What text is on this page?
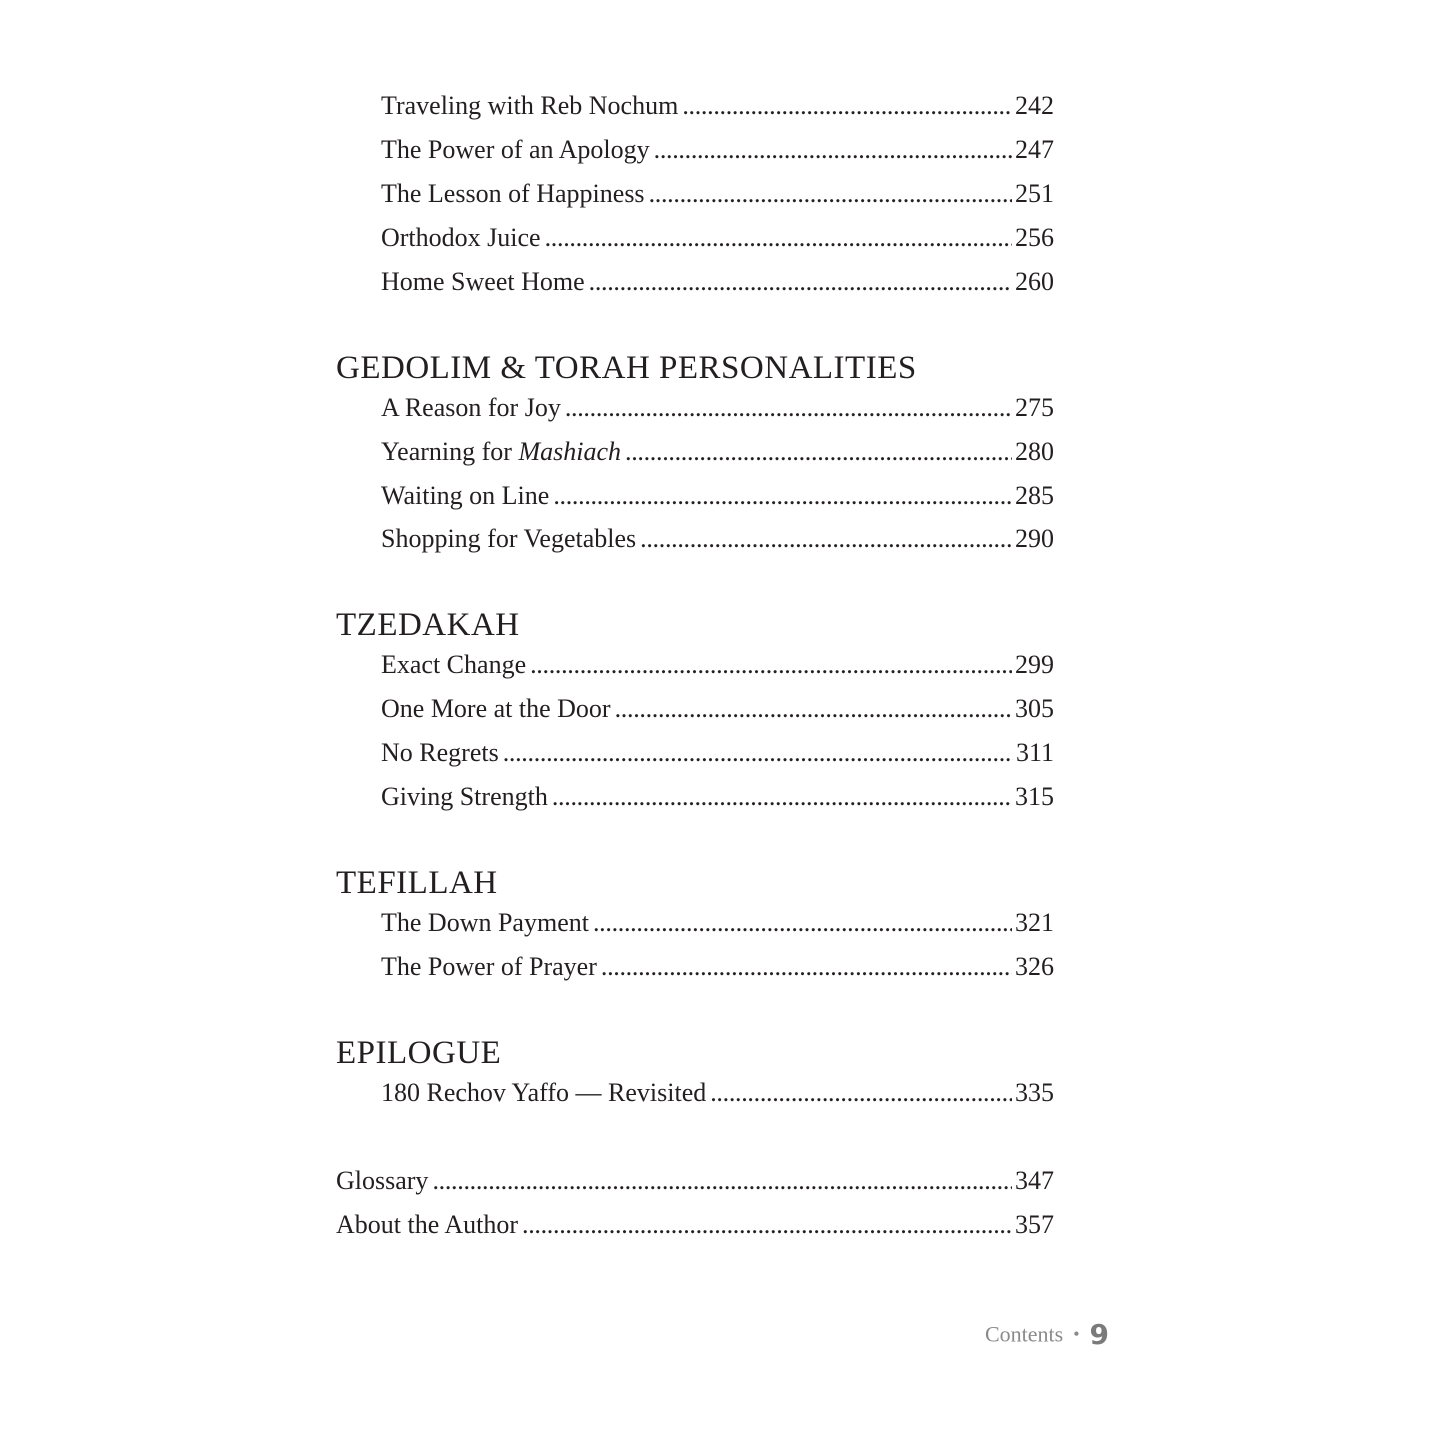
Traveling with Reb Nochum . . .	242
The Power of an Apology . . .	247
The Lesson of Happiness . . .	251
Orthodox Juice . . .	256
Home Sweet Home . . .	260
GEDOLIM & TORAH PERSONALITIES
A Reason for Joy . . .	275
Yearning for Mashiach . . .	280
Waiting on Line . . .	285
Shopping for Vegetables . . .	290
TZEDAKAH
Exact Change . . .	299
One More at the Door . . .	305
No Regrets . . .	311
Giving Strength . . .	315
TEFILLAH
The Down Payment . . .	321
The Power of Prayer . . .	326
EPILOGUE
180 Rechov Yaffo — Revisited . . .	335
Glossary . . .	347
About the Author . . .	357
Contents • 9
